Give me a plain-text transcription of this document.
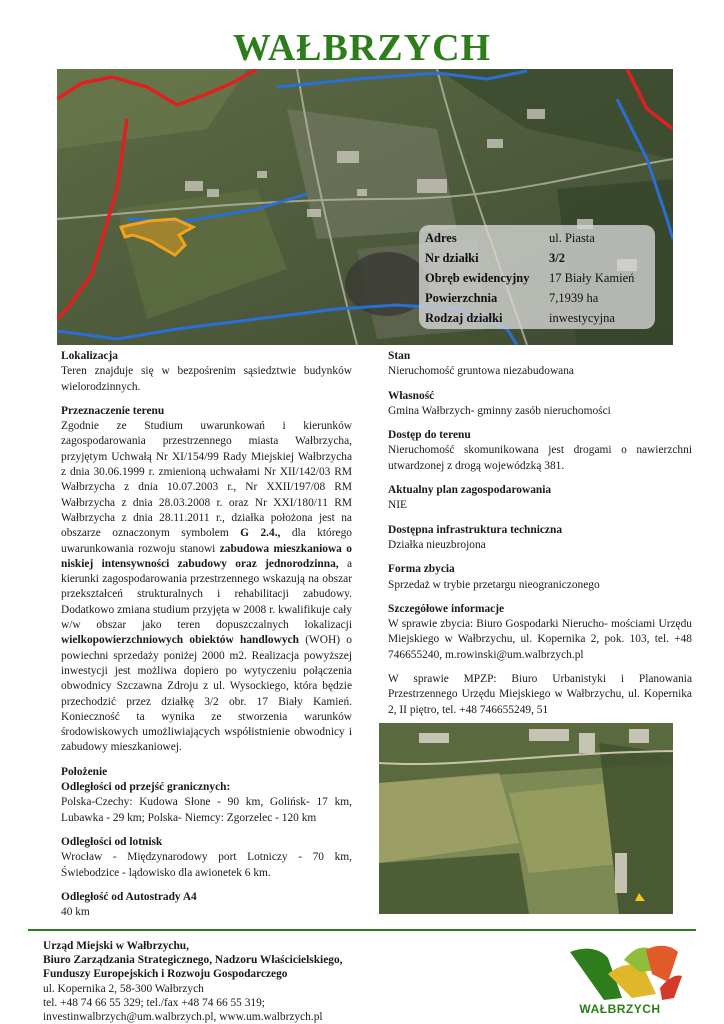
WAŁBRZYCH
Adres	ul. Piasta
Nr działki	3/2
Obręb ewidencyjny	17 Biały Kamień
Powierzchnia	7,1939 ha
Rodzaj działki	inwestycyjna
Lokalizacja
Teren znajduje się w bezpośrenim sąsiedztwie budynków wielorodzinnych.
Przeznaczenie terenu
Zgodnie ze Studium uwarunkowań i kierunków zagospodarowania przestrzennego miasta Wałbrzycha, przyjętym Uchwałą Nr XI/154/99 Rady Miejskiej Wałbrzycha z dnia 30.06.1999 r. zmienioną uchwałami Nr XII/142/03 RM Wałbrzycha z dnia 10.07.2003 r., Nr XXII/197/08 RM Wałbrzycha z dnia 28.03.2008 r. oraz Nr XXI/180/11 RM Wałbrzycha z dnia 28.11.2011 r., działka położona jest na obszarze oznaczonym symbolem G 2.4., dla którego uwarunkowania rozwoju stanowi zabudowa mieszkaniowa o niskiej intensywności zabudowy oraz jednorodzinna, a kierunki zagospodarowania przestrzennego wskazują na obszar przekształceń strukturalnych i rehabilitacji zabudowy. Dodatkowo zmiana studium przyjęta w 2008 r. kwalifikuje cały w/w obszar jako teren dopuszczalnych lokalizacji wielkopowierzchniowych obiektów handlowych (WOH) o powiechni sprzedaży poniżej 2000 m2. Realizacja powyższej inwestycji jest możliwa dopiero po wytyczeniu połączenia obwodnicy Szczawna Zdroju z ul. Wysockiego, która będzie przechodzić przez działkę 3/2 obr. 17 Biały Kamień. Konieczność ta wynika ze stworzenia warunków środowiskowych umożliwiających współistnienie obwodnicy i zabudowy mieszkaniowej.
Położenie
Odległości od przejść granicznych:
Polska-Czechy: Kudowa Słone - 90 km, Golińsk- 17 km, Lubawka - 29 km; Polska- Niemcy: Zgorzelec - 120 km
Odległości od lotnisk
Wrocław - Międzynarodowy port Lotniczy - 70 km, Świebodzice - lądowisko dla awionetek 6 km.
Odległość od Autostrady A4
40 km
Stan
Nieruchomość gruntowa niezabudowana
Własność
Gmina Wałbrzych- gminny zasób nieruchomości
Dostęp do terenu
Nieruchomość skomunikowana jest drogami o nawierzchni utwardzonej z drogą wojewódzką 381.
Aktualny plan zagospodarowania
NIE
Dostępna infrastruktura techniczna
Działka nieuzbrojona
Forma zbycia
Sprzedaż w trybie przetargu nieograniczonego
Szczegółowe informacje
W sprawie zbycia: Biuro Gospodarki Nierucho- mościami Urzędu Miejskiego w Wałbrzychu, ul. Kopernika 2, pok. 103, tel. +48 746655240, m.rowinski@um.walbrzych.pl
W sprawie MPZP: Biuro Urbanistyki i Planowania Przestrzennego Urzędu Miejskiego w Wałbrzychu, ul. Kopernika 2, II piętro, tel. +48 746655249, 51
Urząd Miejski w Wałbrzychu,
Biuro Zarządzania Strategicznego, Nadzoru Właścicielskiego,
Funduszy Europejskich i Rozwoju Gospodarczego
ul. Kopernika 2, 58-300 Wałbrzych
tel. +48 74 66 55 329; tel./fax +48 74 66 55 319;
investinwalbrzych@um.walbrzych.pl, www.um.walbrzych.pl
WAŁBRZYCH
